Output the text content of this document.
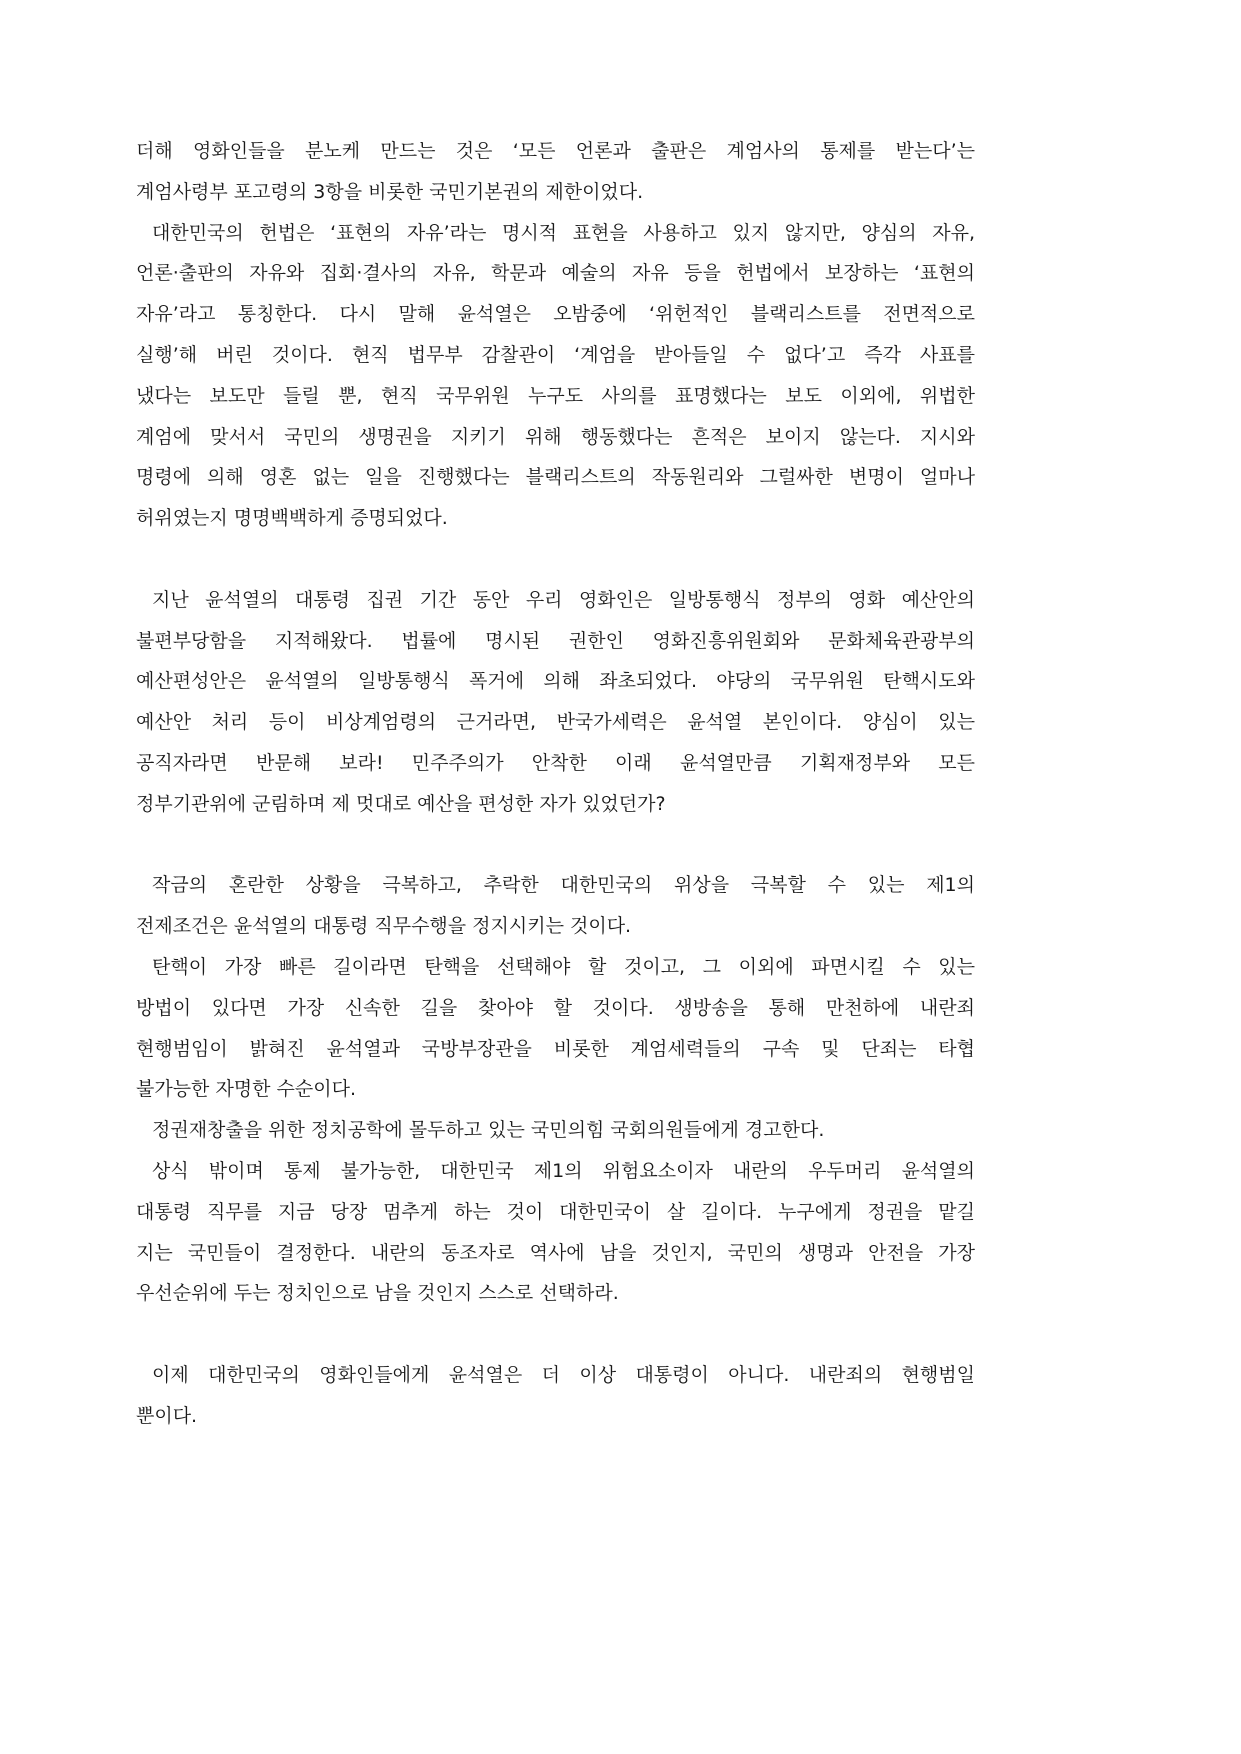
더해 영화인들을 분노케 만드는 것은 ‘모든 언론과 출판은 계엄사의 통제를 받는다’는
계엄사령부 포고령의 3항을 비롯한 국민기본권의 제한이었다.
대한민국의 헌법은 ‘표현의 자유’라는 명시적 표현을 사용하고 있지 않지만, 양심의 자유,
언론·출판의 자유와 집회·결사의 자유, 학문과 예술의 자유 등을 헌법에서 보장하는 ‘표현의
자유’라고 통칭한다. 다시 말해 윤석열은 오밤중에 ‘위헌적인 블랙리스트를 전면적으로
실행’해 버린 것이다. 현직 법무부 감찰관이 ‘계엄을 받아들일 수 없다’고 즉각 사표를
냈다는 보도만 들릴 뿐, 현직 국무위원 누구도 사의를 표명했다는 보도 이외에, 위법한
계엄에 맞서서 국민의 생명권을 지키기 위해 행동했다는 흔적은 보이지 않는다. 지시와
명령에 의해 영혼 없는 일을 진행했다는 블랙리스트의 작동원리와 그럴싸한 변명이 얼마나
허위였는지 명명백백하게 증명되었다.
지난 윤석열의 대통령 집권 기간 동안 우리 영화인은 일방통행식 정부의 영화 예산안의
불편부당함을 지적해왔다. 법률에 명시된 권한인 영화진흥위원회와 문화체육관광부의
예산편성안은 윤석열의 일방통행식 폭거에 의해 좌초되었다. 야당의 국무위원 탄핵시도와
예산안 처리 등이 비상계엄령의 근거라면, 반국가세력은 윤석열 본인이다. 양심이 있는
공직자라면 반문해 보라! 민주주의가 안착한 이래 윤석열만큼 기획재정부와 모든
정부기관위에 군림하며 제 멋대로 예산을 편성한 자가 있었던가?
작금의 혼란한 상황을 극복하고, 추락한 대한민국의 위상을 극복할 수 있는 제1의
전제조건은 윤석열의 대통령 직무수행을 정지시키는 것이다.
탄핵이 가장 빠른 길이라면 탄핵을 선택해야 할 것이고, 그 이외에 파면시킬 수 있는
방법이 있다면 가장 신속한 길을 찾아야 할 것이다. 생방송을 통해 만천하에 내란죄
현행범임이 밝혀진 윤석열과 국방부장관을 비롯한 계엄세력들의 구속 및 단죄는 타협
불가능한 자명한 수순이다.
정권재창출을 위한 정치공학에 몰두하고 있는 국민의힘 국회의원들에게 경고한다.
상식 밖이며 통제 불가능한, 대한민국 제1의 위험요소이자 내란의 우두머리 윤석열의
대통령 직무를 지금 당장 멈추게 하는 것이 대한민국이 살 길이다. 누구에게 정권을 맡길
지는 국민들이 결정한다. 내란의 동조자로 역사에 남을 것인지, 국민의 생명과 안전을 가장
우선순위에 두는 정치인으로 남을 것인지 스스로 선택하라.
이제 대한민국의 영화인들에게 윤석열은 더 이상 대통령이 아니다. 내란죄의 현행범일
뿐이다.
